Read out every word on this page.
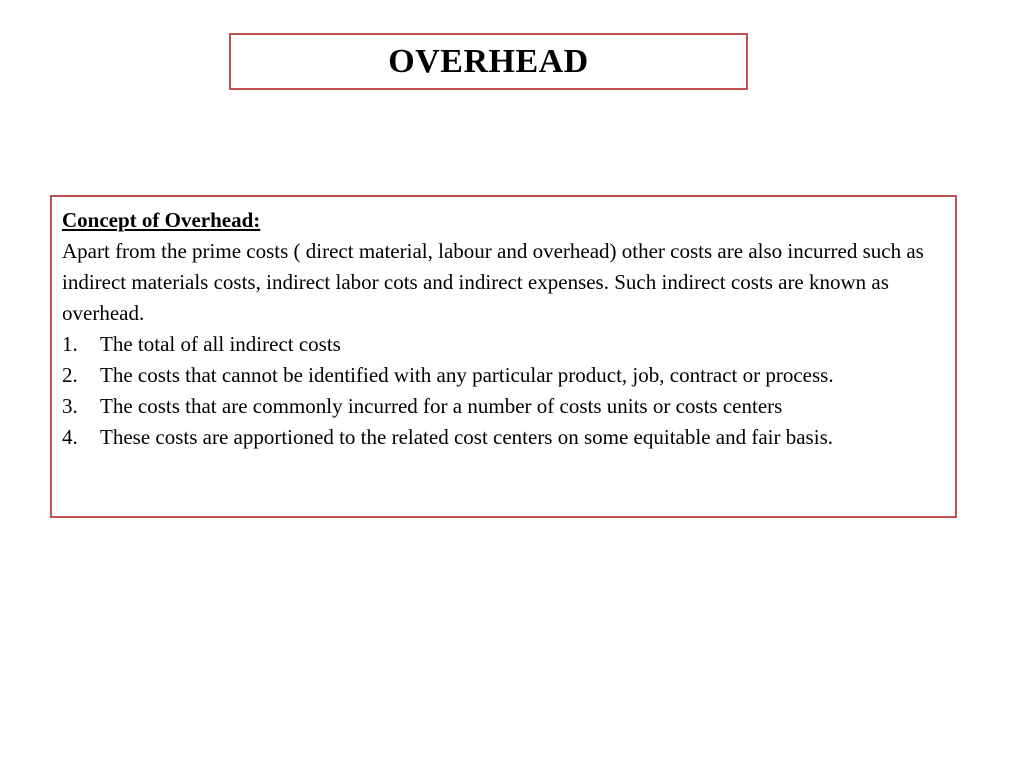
OVERHEAD
Concept of Overhead:
Apart from the prime costs ( direct material, labour and overhead) other costs are also incurred such as indirect materials costs, indirect labor cots and indirect expenses. Such indirect costs are known as overhead.
1.	The total of all indirect costs
2.	The costs that cannot be identified with any particular product, job, contract or process.
3.	The costs that are commonly incurred for a number of costs units or costs centers
4.	These costs are apportioned to the related cost centers on some equitable and fair basis.
